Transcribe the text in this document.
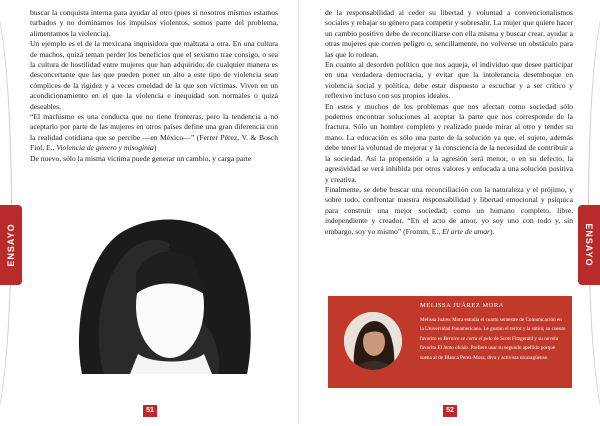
buscar la conquista interna para ayudar al otro (pues si nosotros mismos estamos turbados y no dominamos los impulsos violentos, somos parte del problema, alimentamos la violencia).

Un ejemplo es el de la mexicana inquisidora que maltrata a otra. En una cultura de machos, quizá teman perder los beneficios que el sexismo trae consigo, o sea la cultura de hostilidad entre mujeres que han adquirido; de cualquier manera es desconcertante que las que pueden poner un alto a este tipo de violencia sean cómplices de la rigidez y a veces crueldad de la que son víctimas. Viven en un acondicionamiento en el que la violencia e inequidad son normales o quizá deseables.

“El machismo es una conducta que no tiene fronteras, pero la tendencia a no aceptarlo por parte de las mujeres en otros países define una gran diferencia con la realidad cotidiana que se percibe —en México—” (Ferrer Pérez, V. & Bosch Fiol, E., Violencia de género y misoginia)

De nuevo, sólo la misma víctima puede generar un cambio, y carga parte

ENSAYO
51

de la responsabilidad al ceder su libertad y voluntad a convencionalismos sociales y rebajar su género para competir y sobresalir. La mujer que quiere hacer un cambio positivo debe de reconciliarse con ella misma y buscar crear, ayudar a otras mujeres que corren peligro o, sencillamente, no volverse un obstáculo para las que lo rodean.

En cuanto al desorden político que nos aqueja, el individuo que desee participar en una verdadera democracia, y evitar que la intolerancia desemboque en violencia social y política, debe estar dispuesto a escuchar y a ser crítico y reflexivo incluso con sus propios ideales.

En estos y muchos de los problemas que nos afectan como sociedad sólo podemos encontrar soluciones al aceptar la parte que nos corresponde de la fractura. Sólo un hombre completo y realizado puede mirar al otro y tender su mano. La educación es sólo una parte de la solución ya que, el sujeto, además debe tener la voluntad de mejorar y la consciencia de la necesidad de contribuir a la sociedad. Así la propensión a la agresión será menor, o en su defecto, la agresividad se verá inhibida por otros valores y enfocada a una solución positiva y creativa.

Finalmente, se debe buscar una reconciliación con la naturaleza y el prójimo, y sobre todo, confrontar nuestra responsabilidad y libertad emocional y psíquica para construir una mejor sociedad; como un humano completo, libre, independiente y creador. “En el acto de amor, yo soy uno con todo y, sin embargo, soy yo mismo” (Fromm, E., El arte de amar).	ENSAYO
MELISSA JUÁREZ MORA
Melissa Juárez Mora estudia el cuarto semestre de Comunicación en la Universidad Panamericana. Le gustan el terror y la sátira; su cuento favorito es Bernice se corta el pelo de Scott Fitzgerald y su novela favorita El lento olvido. Prefiere usar su segundo apellido porque suena al de Blanca Perez-Mora, diva y activista nicaragüense.
52
